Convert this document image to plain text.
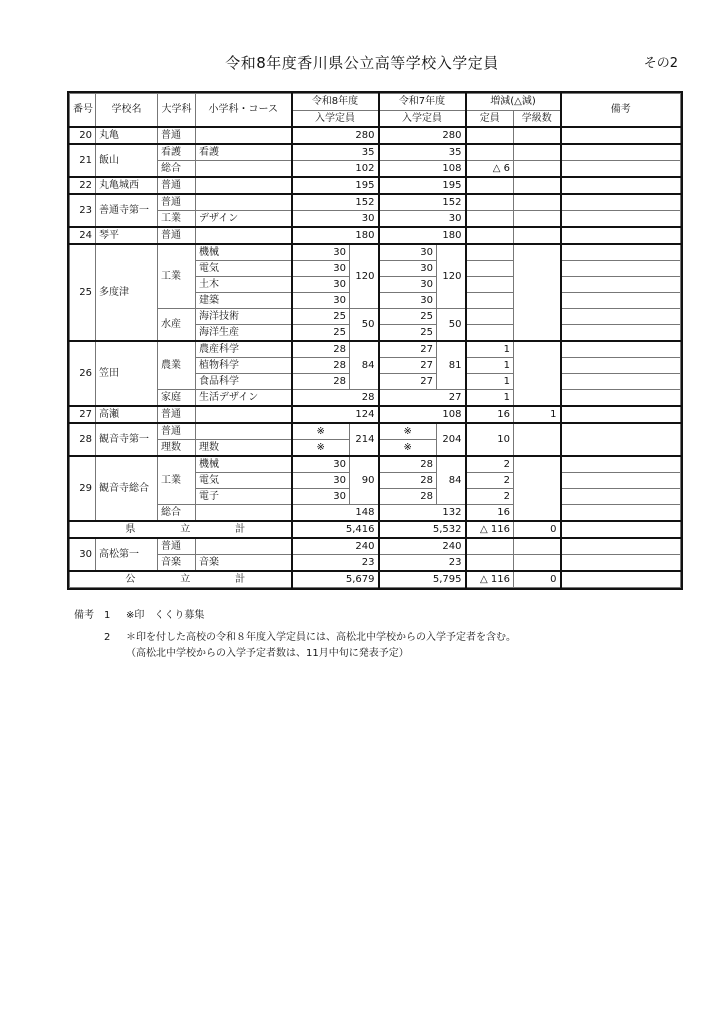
令和8年度香川県公立高等学校入学定員	その2
番号	学校名	大学科	小学科・コース	令和8年度		令和7年度		増減(△減)		備考
				入学定員		入学定員		定員	学級数	
20	丸亀	普通		280		280				
21	飯山	看護	看護	35		35				
		総合		102		108		△ 6		
22	丸亀城西	普通		195		195				
23	善通寺第一	普通		152		152				
		工業	デザイン	30		30				
24	琴平	普通		180		180				
25	多度津	工業	機械	30	120	30	120			
			電気	30		30				
			土木	30		30				
			建築	30		30				
		水産	海洋技術	25	50	25	50			
			海洋生産	25		25				
26	笠田	農業	農産科学	28	84	27	81	1		
			植物科学	28		27		1		
			食品科学	28		27		1		
		家庭	生活デザイン	28		27		1		
27	高瀬	普通		124		108		16	1	
28	観音寺第一	普通		※	214	※	204	10		
		理数	理数	※		※				
29	観音寺総合	工業	機械	30	90	28	84	2		
			電気	30		28		2		
			電子	30		28		2		
		総合		148		132		16		

県 立 計				5,416		5,532		△ 116	0	
30	高松第一	普通		240		240				
		音楽	音楽	23		23				

公 立 計				5,679		5,795		△ 116	0	
備考	1	※印　くくり募集
2	＊印を付した高校の令和８年度入学定員には、高松北中学校からの入学予定者を含む。
（高松北中学校からの入学予定者数は、11月中旬に発表予定）
